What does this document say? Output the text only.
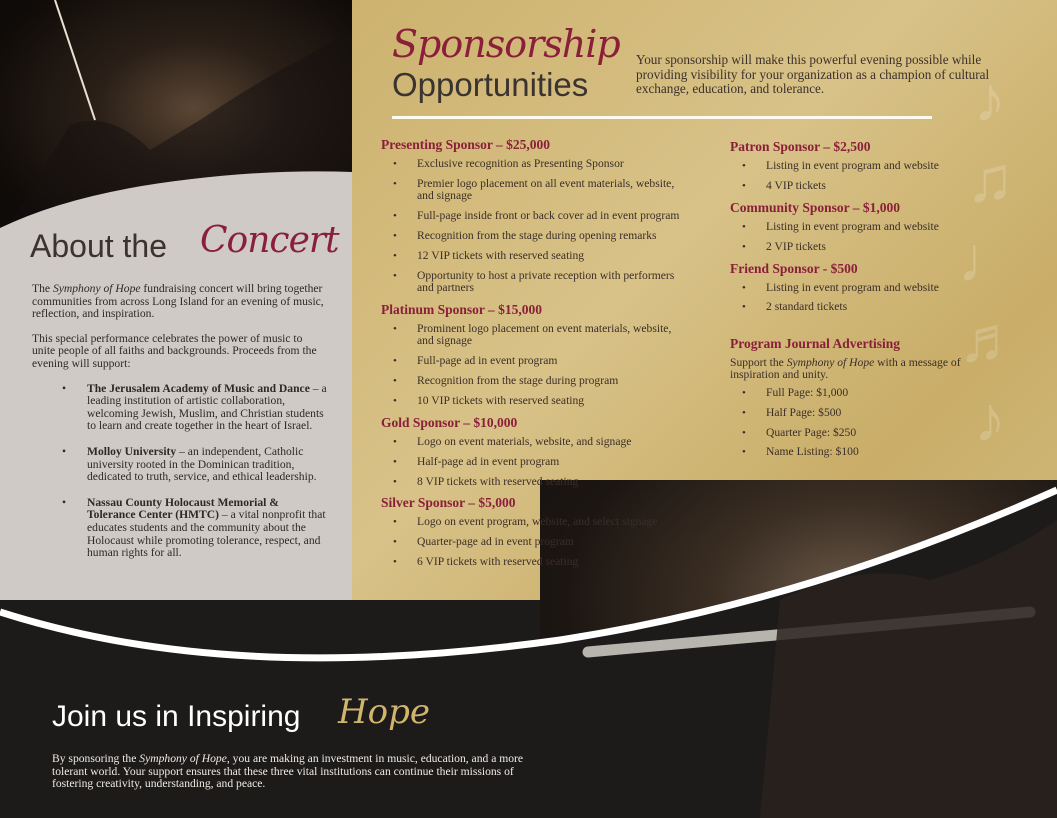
♪
♫
♩
♬
♪
Sponsorship
Opportunities
Your sponsorship will make this powerful evening possible while providing visibility for your organization as a champion of cultural exchange, education, and tolerance.
Presenting Sponsor – $25,000
• Exclusive recognition as Presenting Sponsor
• Premier logo placement on all event materials, website, and signage
• Full-page inside front or back cover ad in event program
• Recognition from the stage during opening remarks
• 12 VIP tickets with reserved seating
• Opportunity to host a private reception with performers and partners
Platinum Sponsor – $15,000
• Prominent logo placement on event materials, website, and signage
• Full-page ad in event program
• Recognition from the stage during program
• 10 VIP tickets with reserved seating
Gold Sponsor – $10,000
• Logo on event materials, website, and signage
• Half-page ad in event program
• 8 VIP tickets with reserved seating
Silver Sponsor – $5,000
• Logo on event program, website, and select signage
• Quarter-page ad in event program
• 6 VIP tickets with reserved seating
Patron Sponsor – $2,500
• Listing in event program and website
• 4 VIP tickets
Community Sponsor – $1,000
• Listing in event program and website
• 2 VIP tickets
Friend Sponsor - $500
• Listing in event program and website
• 2 standard tickets
Program Journal Advertising

Support the Symphony of Hope with a message of inspiration and unity.

• Full Page: $1,000
• Half Page: $500
• Quarter Page: $250
• Name Listing: $100
About the Concert

The Symphony of Hope fundraising concert will bring together communities from across Long Island for an evening of music, reflection, and inspiration.

This special performance celebrates the power of music to unite people of all faiths and backgrounds. Proceeds from the evening will support:

• The Jerusalem Academy of Music and Dance – a leading institution of artistic collaboration, welcoming Jewish, Muslim, and Christian students to learn and create together in the heart of Israel.
• Molloy University – an independent, Catholic university rooted in the Dominican tradition, dedicated to truth, service, and ethical leadership.
• Nassau County Holocaust Memorial & Tolerance Center (HMTC) – a vital nonprofit that educates students and the community about the Holocaust while promoting tolerance, respect, and human rights for all.
Join us in Inspiring Hope
By sponsoring the Symphony of Hope, you are making an investment in music, education, and a more tolerant world. Your support ensures that these three vital institutions can continue their missions of fostering creativity, understanding, and peace.
